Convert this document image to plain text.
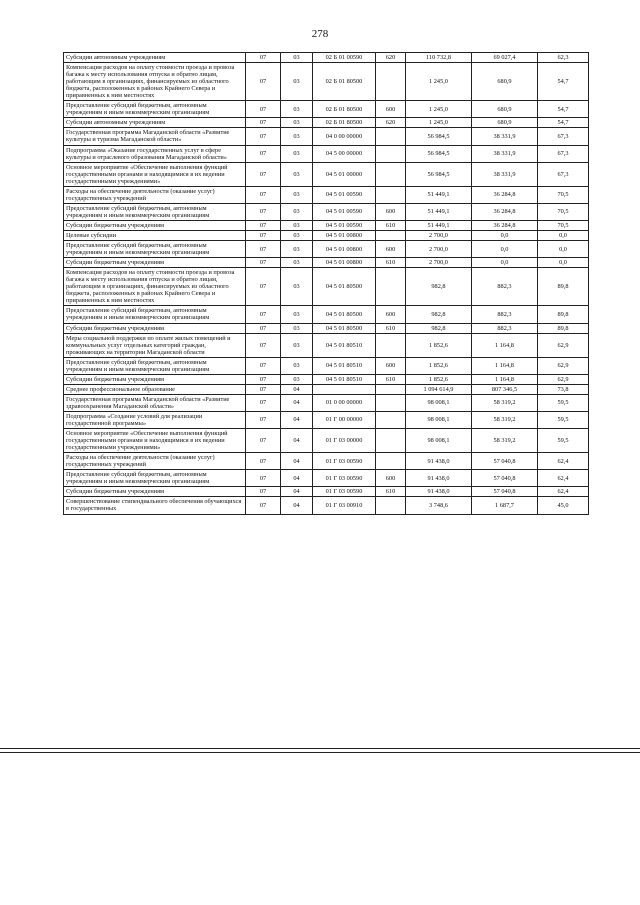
278
Субсидии автономным учреждениям	07	03	02 Б 01 00590	620	110 732,8	69 027,4	62,3
Компенсация расходов на оплату стоимости проезда и провоза багажа к месту использования отпуска и обратно лицам, работающим в организациях, финансируемых из областного бюджета, расположенных в районах Крайнего Севера и приравненных к ним местностях	07	03	02 Б 01 80500		1 245,0	680,9	54,7
Предоставление субсидий бюджетным, автономным учреждениям и иным некоммерческим организациям	07	03	02 Б 01 80500	600	1 245,0	680,9	54,7
Субсидии автономным учреждениям	07	03	02 Б 01 80500	620	1 245,0	680,9	54,7
Государственная программа Магаданской области «Развитие культуры и туризма Магаданской области»	07	03	04 0 00 00000		56 984,5	38 331,9	67,3
Подпрограмма «Оказание государственных услуг в сфере культуры и отраслевого образования Магаданской области»	07	03	04 5 00 00000		56 984,5	38 331,9	67,3
Основное мероприятие «Обеспечение выполнения функций государственными органами и находящимися в их ведении государственными учреждениями»	07	03	04 5 01 00000		56 984,5	38 331,9	67,3
Расходы на обеспечение деятельности (оказание услуг) государственных учреждений	07	03	04 5 01 00590		51 449,1	36 284,8	70,5
Предоставление субсидий бюджетным, автономным учреждениям и иным некоммерческим организациям	07	03	04 5 01 00590	600	51 449,1	36 284,8	70,5
Субсидии бюджетным учреждениям	07	03	04 5 01 00590	610	51 449,1	36 284,8	70,5
Целевые субсидии	07	03	04 5 01 00800		2 700,0	0,0	0,0
Предоставление субсидий бюджетным, автономным учреждениям и иным некоммерческим организациям	07	03	04 5 01 00800	600	2 700,0	0,0	0,0
Субсидии бюджетным учреждениям	07	03	04 5 01 00800	610	2 700,0	0,0	0,0
Компенсация расходов на оплату стоимости проезда и провоза багажа к месту использования отпуска и обратно лицам, работающим в организациях, финансируемых из областного бюджета, расположенных в районах Крайнего Севера и приравненных к ним местностях	07	03	04 5 01 80500		982,8	882,3	89,8
Предоставление субсидий бюджетным, автономным учреждениям и иным некоммерческим организациям	07	03	04 5 01 80500	600	982,8	882,3	89,8
Субсидии бюджетным учреждениям	07	03	04 5 01 80500	610	982,8	882,3	89,8
Меры социальной поддержки по оплате жилых помещений и коммунальных услуг отдельных категорий граждан, проживающих на территории Магаданской области	07	03	04 5 01 80510		1 852,6	1 164,8	62,9
Предоставление субсидий бюджетным, автономным учреждениям и иным некоммерческим организациям	07	03	04 5 01 80510	600	1 852,6	1 164,8	62,9
Субсидии бюджетным учреждениям	07	03	04 5 01 80510	610	1 852,6	1 164,8	62,9
Среднее профессиональное образование	07	04			1 094 614,9	807 346,5	73,8
Государственная программа Магаданской области «Развитие здравоохранения Магаданской области»	07	04	01 0 00 00000		98 008,1	58 319,2	59,5
Подпрограмма «Создание условий для реализации государственной программы»	07	04	01 Г 00 00000		98 008,1	58 319,2	59,5
Основное мероприятие «Обеспечение выполнения функций государственными органами и находящимися в их ведении государственными учреждениями»	07	04	01 Г 03 00000		98 008,1	58 319,2	59,5
Расходы на обеспечение деятельности (оказание услуг) государственных учреждений	07	04	01 Г 03 00590		91 438,0	57 040,8	62,4
Предоставление субсидий бюджетным, автономным учреждениям и иным некоммерческим организациям	07	04	01 Г 03 00590	600	91 438,0	57 040,8	62,4
Субсидии бюджетным учреждениям	07	04	01 Г 03 00590	610	91 438,0	57 040,8	62,4
Совершенствование стипендиального обеспечения обучающихся в государственных	07	04	01 Г 03 00910		3 748,6	1 687,7	45,0
